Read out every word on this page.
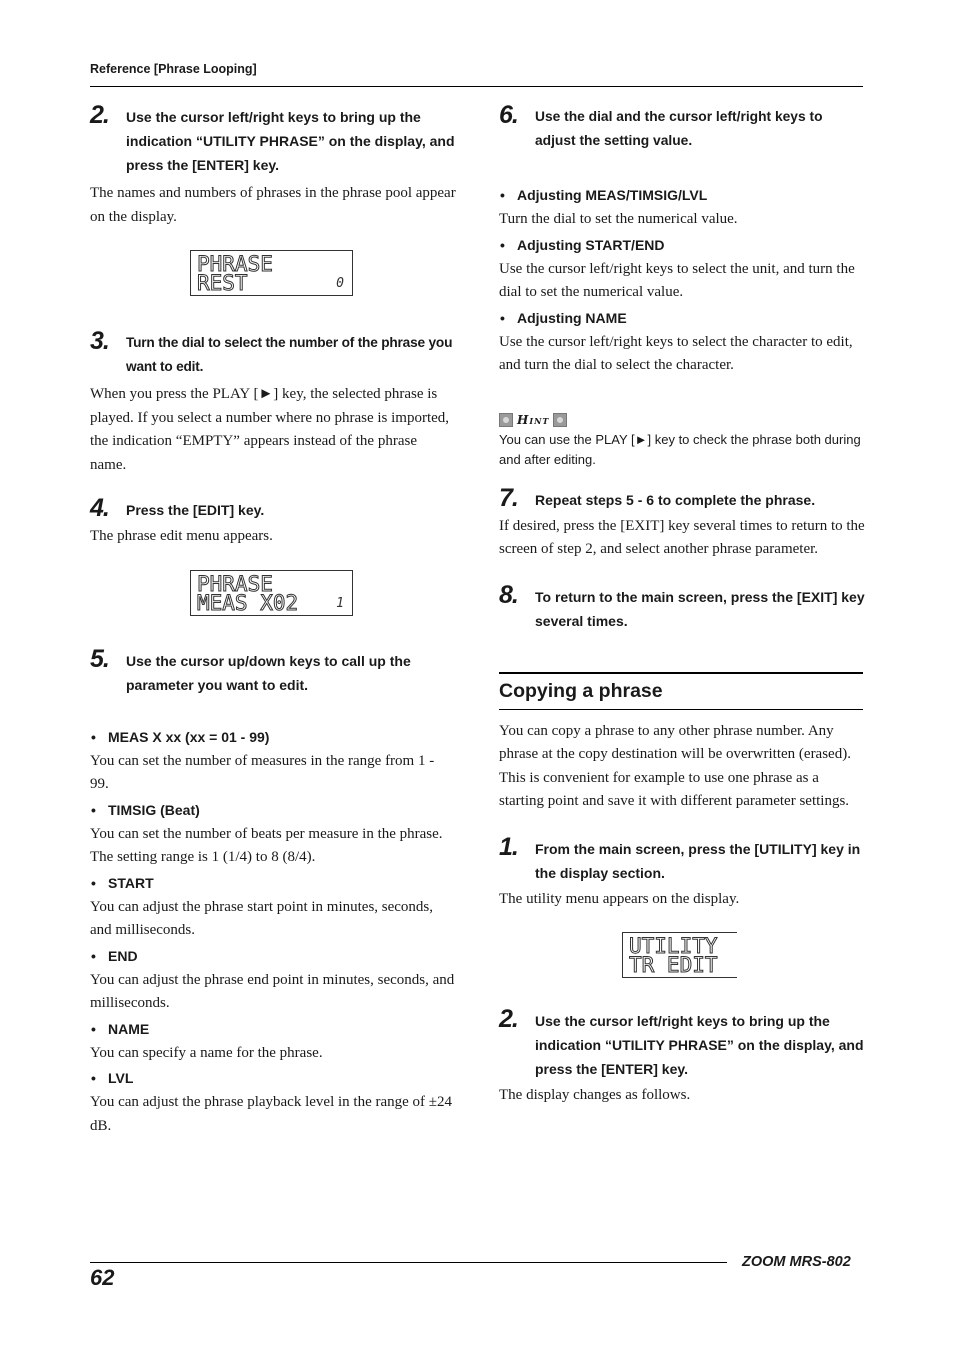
Reference [Phrase Looping]
2. Use the cursor left/right keys to bring up the indication “UTILITY PHRASE” on the display, and press the [ENTER] key.
The names and numbers of phrases in the phrase pool appear on the display.
PHRASE
REST	0
3. Turn the dial to select the number of the phrase you want to edit.
When you press the PLAY [►] key, the selected phrase is played. If you select a number where no phrase is imported, the indication “EMPTY” appears instead of the phrase name.
4. Press the [EDIT] key.
The phrase edit menu appears.
PHRASE
MEAS X02	1
5. Use the cursor up/down keys to call up the parameter you want to edit.
• MEAS X xx (xx = 01 - 99)
You can set the number of measures in the range from 1 - 99.
• TIMSIG (Beat)
You can set the number of beats per measure in the phrase. The setting range is 1 (1/4) to 8 (8/4).
• START
You can adjust the phrase start point in minutes, seconds, and milliseconds.
• END
You can adjust the phrase end point in minutes, seconds, and milliseconds.
• NAME
You can specify a name for the phrase.
• LVL
You can adjust the phrase playback level in the range of ±24 dB.
6. Use the dial and the cursor left/right keys to adjust the setting value.
• Adjusting MEAS/TIMSIG/LVL
Turn the dial to set the numerical value.
• Adjusting START/END
Use the cursor left/right keys to select the unit, and turn the dial to set the numerical value.
• Adjusting NAME
Use the cursor left/right keys to select the character to edit, and turn the dial to select the character.
Hint
You can use the PLAY [►] key to check the phrase both during and after editing.
7. Repeat steps 5 - 6 to complete the phrase.
If desired, press the [EXIT] key several times to return to the screen of step 2, and select another phrase parameter.
8. To return to the main screen, press the [EXIT] key several times.
Copying a phrase
You can copy a phrase to any other phrase number. Any phrase at the copy destination will be overwritten (erased). This is convenient for example to use one phrase as a starting point and save it with different parameter settings.
1. From the main screen, press the [UTILITY] key in the display section.
The utility menu appears on the display.
UTILITY
TR EDIT
2. Use the cursor left/right keys to bring up the indication “UTILITY PHRASE” on the display, and press the [ENTER] key.
The display changes as follows.
62
ZOOM MRS-802
